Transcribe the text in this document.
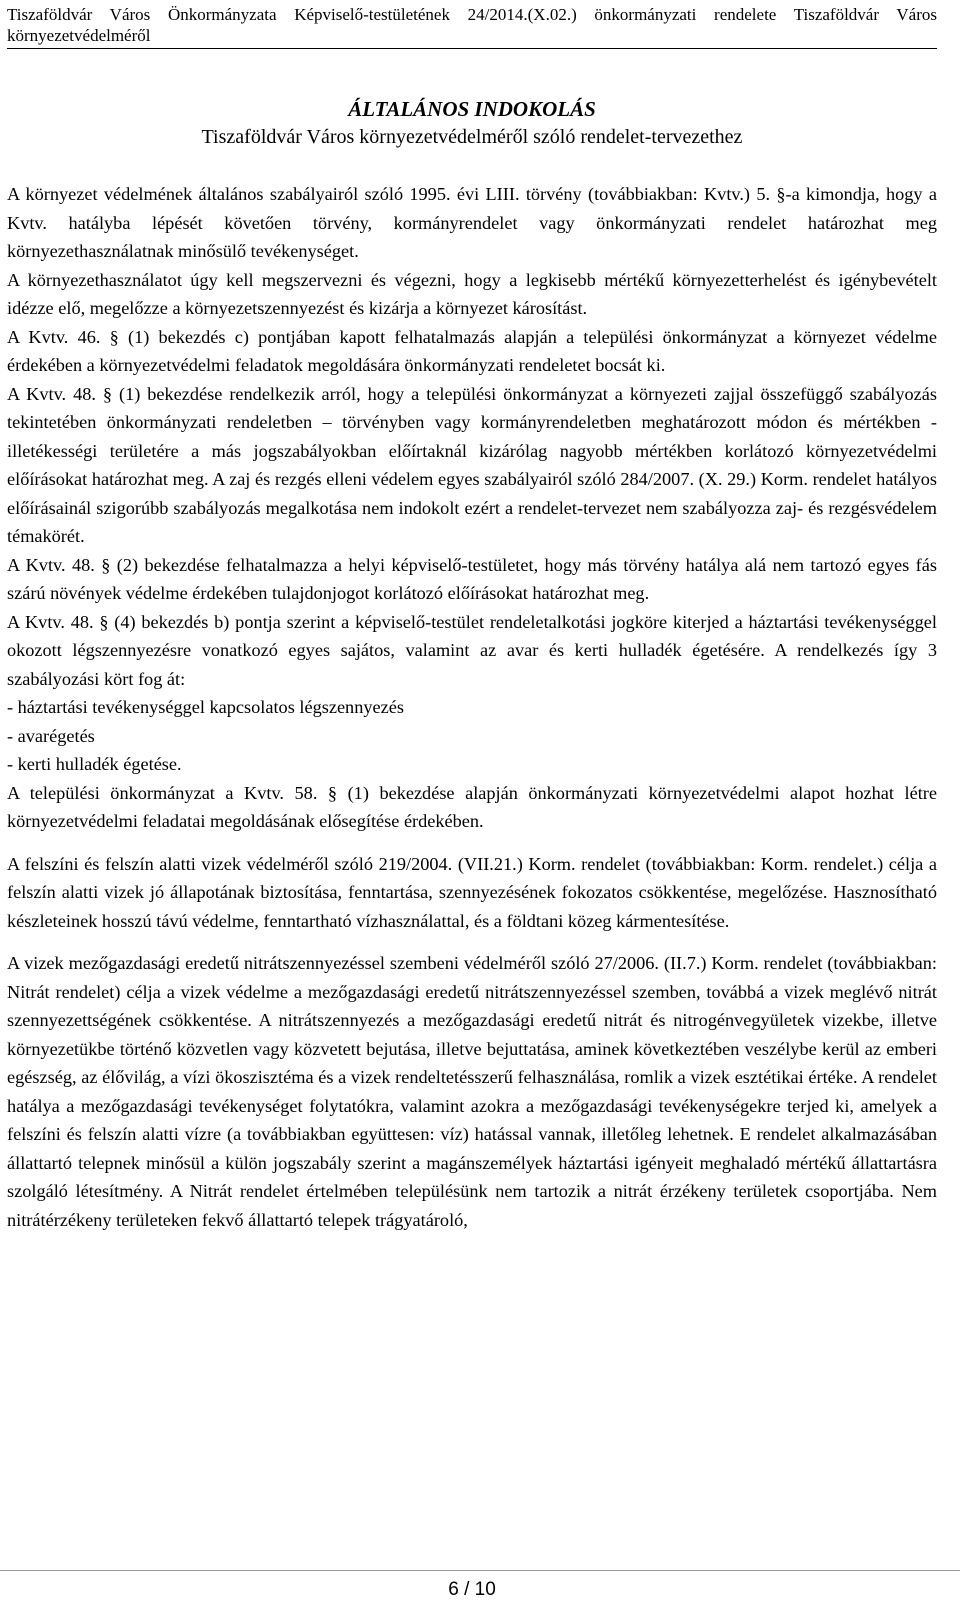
Tiszaföldvár Város Önkormányzata Képviselő-testületének 24/2014.(X.02.) önkormányzati rendelete Tiszaföldvár Város környezetvédelméről
ÁLTALÁNOS INDOKOLÁS
Tiszaföldvár Város környezetvédelméről szóló rendelet-tervezethez

A környezet védelmének általános szabályairól szóló 1995. évi LIII. törvény (továbbiakban: Kvtv.) 5. §-a kimondja, hogy a Kvtv. hatályba lépését követően törvény, kormányrendelet vagy önkormányzati rendelet határozhat meg környezethasználatnak minősülő tevékenységet.

A környezethasználatot úgy kell megszervezni és végezni, hogy a legkisebb mértékű környezetterhelést és igénybevételt idézze elő, megelőzze a környezetszennyezést és kizárja a környezet károsítást.

A Kvtv. 46. § (1) bekezdés c) pontjában kapott felhatalmazás alapján a települési önkormányzat a környezet védelme érdekében a környezetvédelmi feladatok megoldására önkormányzati rendeletet bocsát ki.

A Kvtv. 48. § (1) bekezdése rendelkezik arról, hogy a települési önkormányzat a környezeti zajjal összefüggő szabályozás tekintetében önkormányzati rendeletben – törvényben vagy kormányrendeletben meghatározott módon és mértékben - illetékességi területére a más jogszabályokban előírtaknál kizárólag nagyobb mértékben korlátozó környezetvédelmi előírásokat határozhat meg. A zaj és rezgés elleni védelem egyes szabályairól szóló 284/2007. (X. 29.) Korm. rendelet hatályos előírásainál szigorúbb szabályozás megalkotása nem indokolt ezért a rendelet-tervezet nem szabályozza zaj- és rezgésvédelem témakörét.

A Kvtv. 48. § (2) bekezdése felhatalmazza a helyi képviselő-testületet, hogy más törvény hatálya alá nem tartozó egyes fás szárú növények védelme érdekében tulajdonjogot korlátozó előírásokat határozhat meg.

A Kvtv. 48. § (4) bekezdés b) pontja szerint a képviselő-testület rendeletalkotási jogköre kiterjed a háztartási tevékenységgel okozott légszennyezésre vonatkozó egyes sajátos, valamint az avar és kerti hulladék égetésére. A rendelkezés így 3 szabályozási kört fog át:

- háztartási tevékenységgel kapcsolatos légszennyezés

- avarégetés

- kerti hulladék égetése.

A települési önkormányzat a Kvtv. 58. § (1) bekezdése alapján önkormányzati környezetvédelmi alapot hozhat létre környezetvédelmi feladatai megoldásának elősegítése érdekében.

A felszíni és felszín alatti vizek védelméről szóló 219/2004. (VII.21.) Korm. rendelet (továbbiakban: Korm. rendelet.) célja a felszín alatti vizek jó állapotának biztosítása, fenntartása, szennyezésének fokozatos csökkentése, megelőzése. Hasznosítható készleteinek hosszú távú védelme, fenntartható vízhasználattal, és a földtani közeg kármentesítése.

A vizek mezőgazdasági eredetű nitrátszennyezéssel szembeni védelméről szóló 27/2006. (II.7.) Korm. rendelet (továbbiakban: Nitrát rendelet) célja a vizek védelme a mezőgazdasági eredetű nitrátszennyezéssel szemben, továbbá a vizek meglévő nitrát szennyezettségének csökkentése. A nitrátszennyezés a mezőgazdasági eredetű nitrát és nitrogénvegyületek vizekbe, illetve környezetükbe történő közvetlen vagy közvetett bejutása, illetve bejuttatása, aminek következtében veszélybe kerül az emberi egészség, az élővilág, a vízi ökoszisztéma és a vizek rendeltetésszerű felhasználása, romlik a vizek esztétikai értéke. A rendelet hatálya a mezőgazdasági tevékenységet folytatókra, valamint azokra a mezőgazdasági tevékenységekre terjed ki, amelyek a felszíni és felszín alatti vízre (a továbbiakban együttesen: víz) hatással vannak, illetőleg lehetnek. E rendelet alkalmazásában állattartó telepnek minősül a külön jogszabály szerint a magánszemélyek háztartási igényeit meghaladó mértékű állattartásra szolgáló létesítmény. A Nitrát rendelet értelmében településünk nem tartozik a nitrát érzékeny területek csoportjába. Nem nitrátérzékeny területeken fekvő állattartó telepek trágyatároló,

6 / 10
